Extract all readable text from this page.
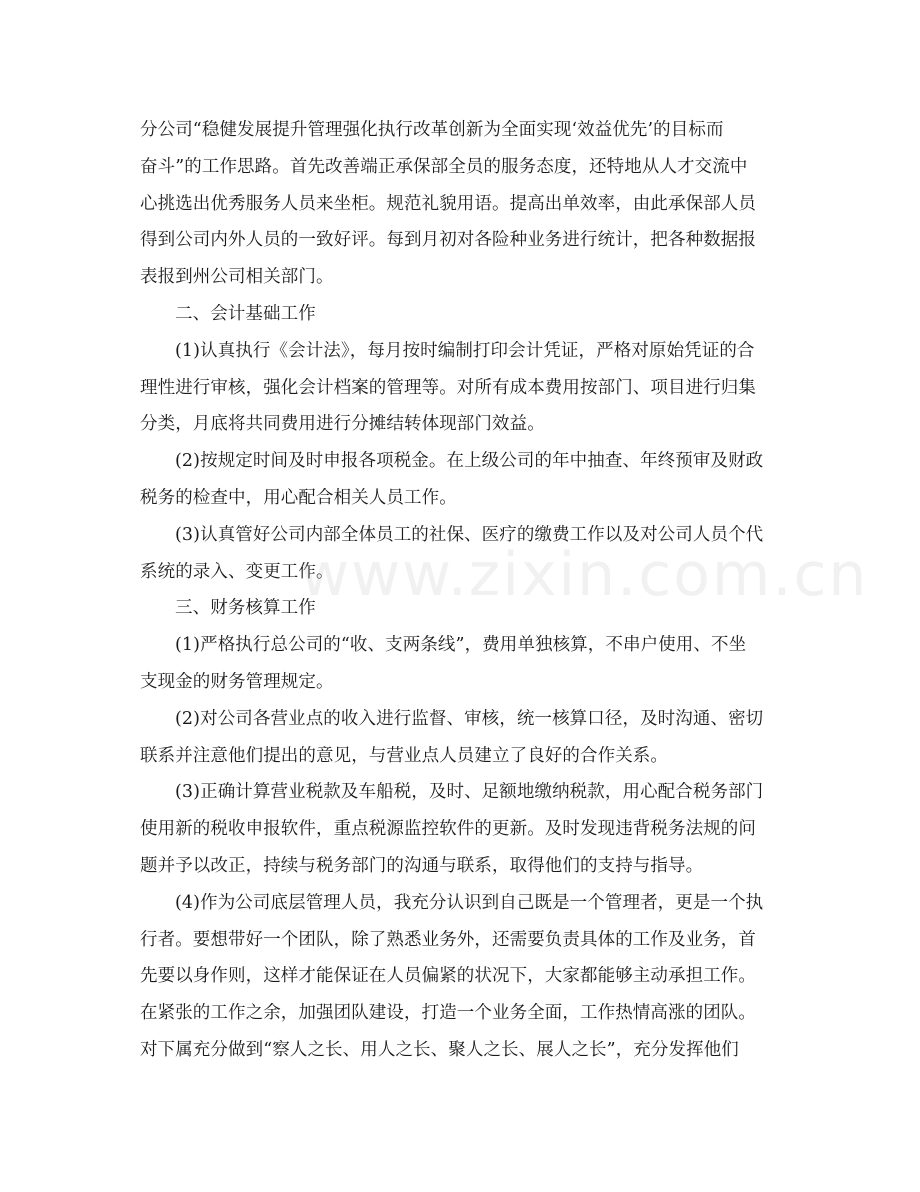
分公司“稳健发展提升管理强化执行改革创新为全面实现‘效益优先’的目标而
奋斗”的工作思路。首先改善端正承保部全员的服务态度，还特地从人才交流中
心挑选出优秀服务人员来坐柜。规范礼貌用语。提高出单效率，由此承保部人员
得到公司内外人员的一致好评。每到月初对各险种业务进行统计，把各种数据报
表报到州公司相关部门。
二、会计基础工作
(1)认真执行《会计法》，每月按时编制打印会计凭证，严格对原始凭证的合
理性进行审核，强化会计档案的管理等。对所有成本费用按部门、项目进行归集
分类，月底将共同费用进行分摊结转体现部门效益。
(2)按规定时间及时申报各项税金。在上级公司的年中抽查、年终预审及财政
税务的检查中，用心配合相关人员工作。
(3)认真管好公司内部全体员工的社保、医疗的缴费工作以及对公司人员个代
系统的录入、变更工作。
三、财务核算工作
(1)严格执行总公司的“收、支两条线”，费用单独核算，不串户使用、不坐
支现金的财务管理规定。
(2)对公司各营业点的收入进行监督、审核，统一核算口径，及时沟通、密切
联系并注意他们提出的意见，与营业点人员建立了良好的合作关系。
(3)正确计算营业税款及车船税，及时、足额地缴纳税款，用心配合税务部门
使用新的税收申报软件，重点税源监控软件的更新。及时发现违背税务法规的问
题并予以改正，持续与税务部门的沟通与联系，取得他们的支持与指导。
(4)作为公司底层管理人员，我充分认识到自己既是一个管理者，更是一个执
行者。要想带好一个团队，除了熟悉业务外，还需要负责具体的工作及业务，首
先要以身作则，这样才能保证在人员偏紧的状况下，大家都能够主动承担工作。
在紧张的工作之余，加强团队建设，打造一个业务全面，工作热情高涨的团队。
对下属充分做到“察人之长、用人之长、聚人之长、展人之长”，充分发挥他们
www.zixin.com.cn
